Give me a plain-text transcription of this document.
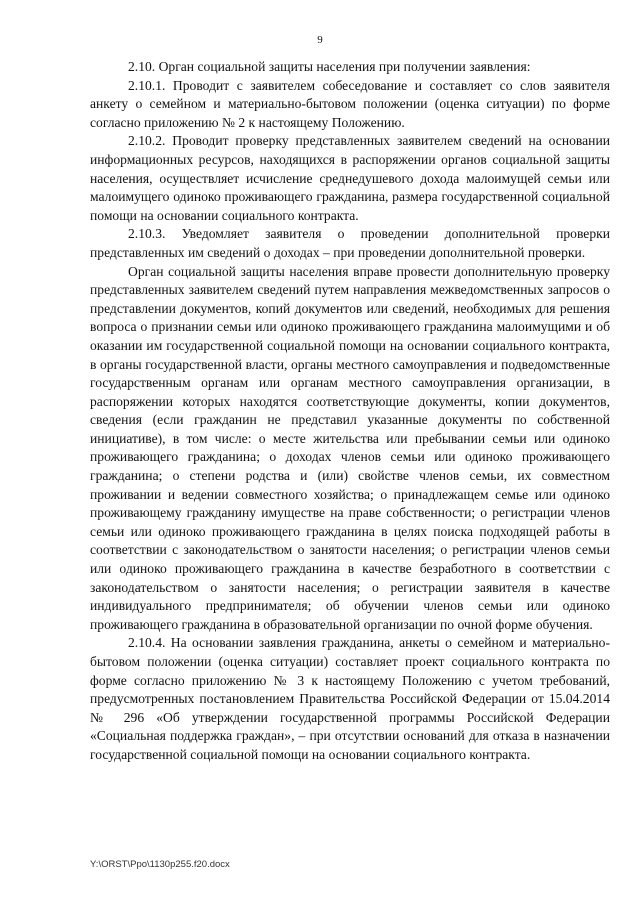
9

2.10. Орган социальной защиты населения при получении заявления:

2.10.1. Проводит с заявителем собеседование и составляет со слов заявителя анкету о семейном и материально-бытовом положении (оценка ситуации) по форме согласно приложению № 2 к настоящему Положению.

2.10.2. Проводит проверку представленных заявителем сведений на основании информационных ресурсов, находящихся в распоряжении органов социальной защиты населения, осуществляет исчисление среднедушевого дохода малоимущей семьи или малоимущего одиноко проживающего гражданина, размера государственной социальной помощи на основании социального контракта.

2.10.3. Уведомляет заявителя о проведении дополнительной проверки представленных им сведений о доходах – при проведении дополнительной проверки.

Орган социальной защиты населения вправе провести дополнительную проверку представленных заявителем сведений путем направления межведомственных запросов о представлении документов, копий документов или сведений, необходимых для решения вопроса о признании семьи или одиноко проживающего гражданина малоимущими и об оказании им государственной социальной помощи на основании социального контракта, в органы государственной власти, органы местного самоуправления и подведомственные государственным органам или органам местного самоуправления организации, в распоряжении которых находятся соответствующие документы, копии документов, сведения (если гражданин не представил указанные документы по собственной инициативе), в том числе: о месте жительства или пребывании семьи или одиноко проживающего гражданина; о доходах членов семьи или одиноко проживающего гражданина; о степени родства и (или) свойстве членов семьи, их совместном проживании и ведении совместного хозяйства; о принадлежащем семье или одиноко проживающему гражданину имуществе на праве собственности; о регистрации членов семьи или одиноко проживающего гражданина в целях поиска подходящей работы в соответствии с законодательством о занятости населения; о регистрации членов семьи или одиноко проживающего гражданина в качестве безработного в соответствии с законодательством о занятости населения; о регистрации заявителя в качестве индивидуального предпринимателя; об обучении членов семьи или одиноко проживающего гражданина в образовательной организации по очной форме обучения.

2.10.4. На основании заявления гражданина, анкеты о семейном и материально-бытовом положении (оценка ситуации) составляет проект социального контракта по форме согласно приложению № 3 к настоящему Положению с учетом требований, предусмотренных постановлением Правительства Российской Федерации от 15.04.2014 № 296 «Об утверждении государственной программы Российской Федерации «Социальная поддержка граждан», – при отсутствии оснований для отказа в назначении государственной социальной помощи на основании социального контракта.

Y:\ORST\Ppo\1130p255.f20.docx
